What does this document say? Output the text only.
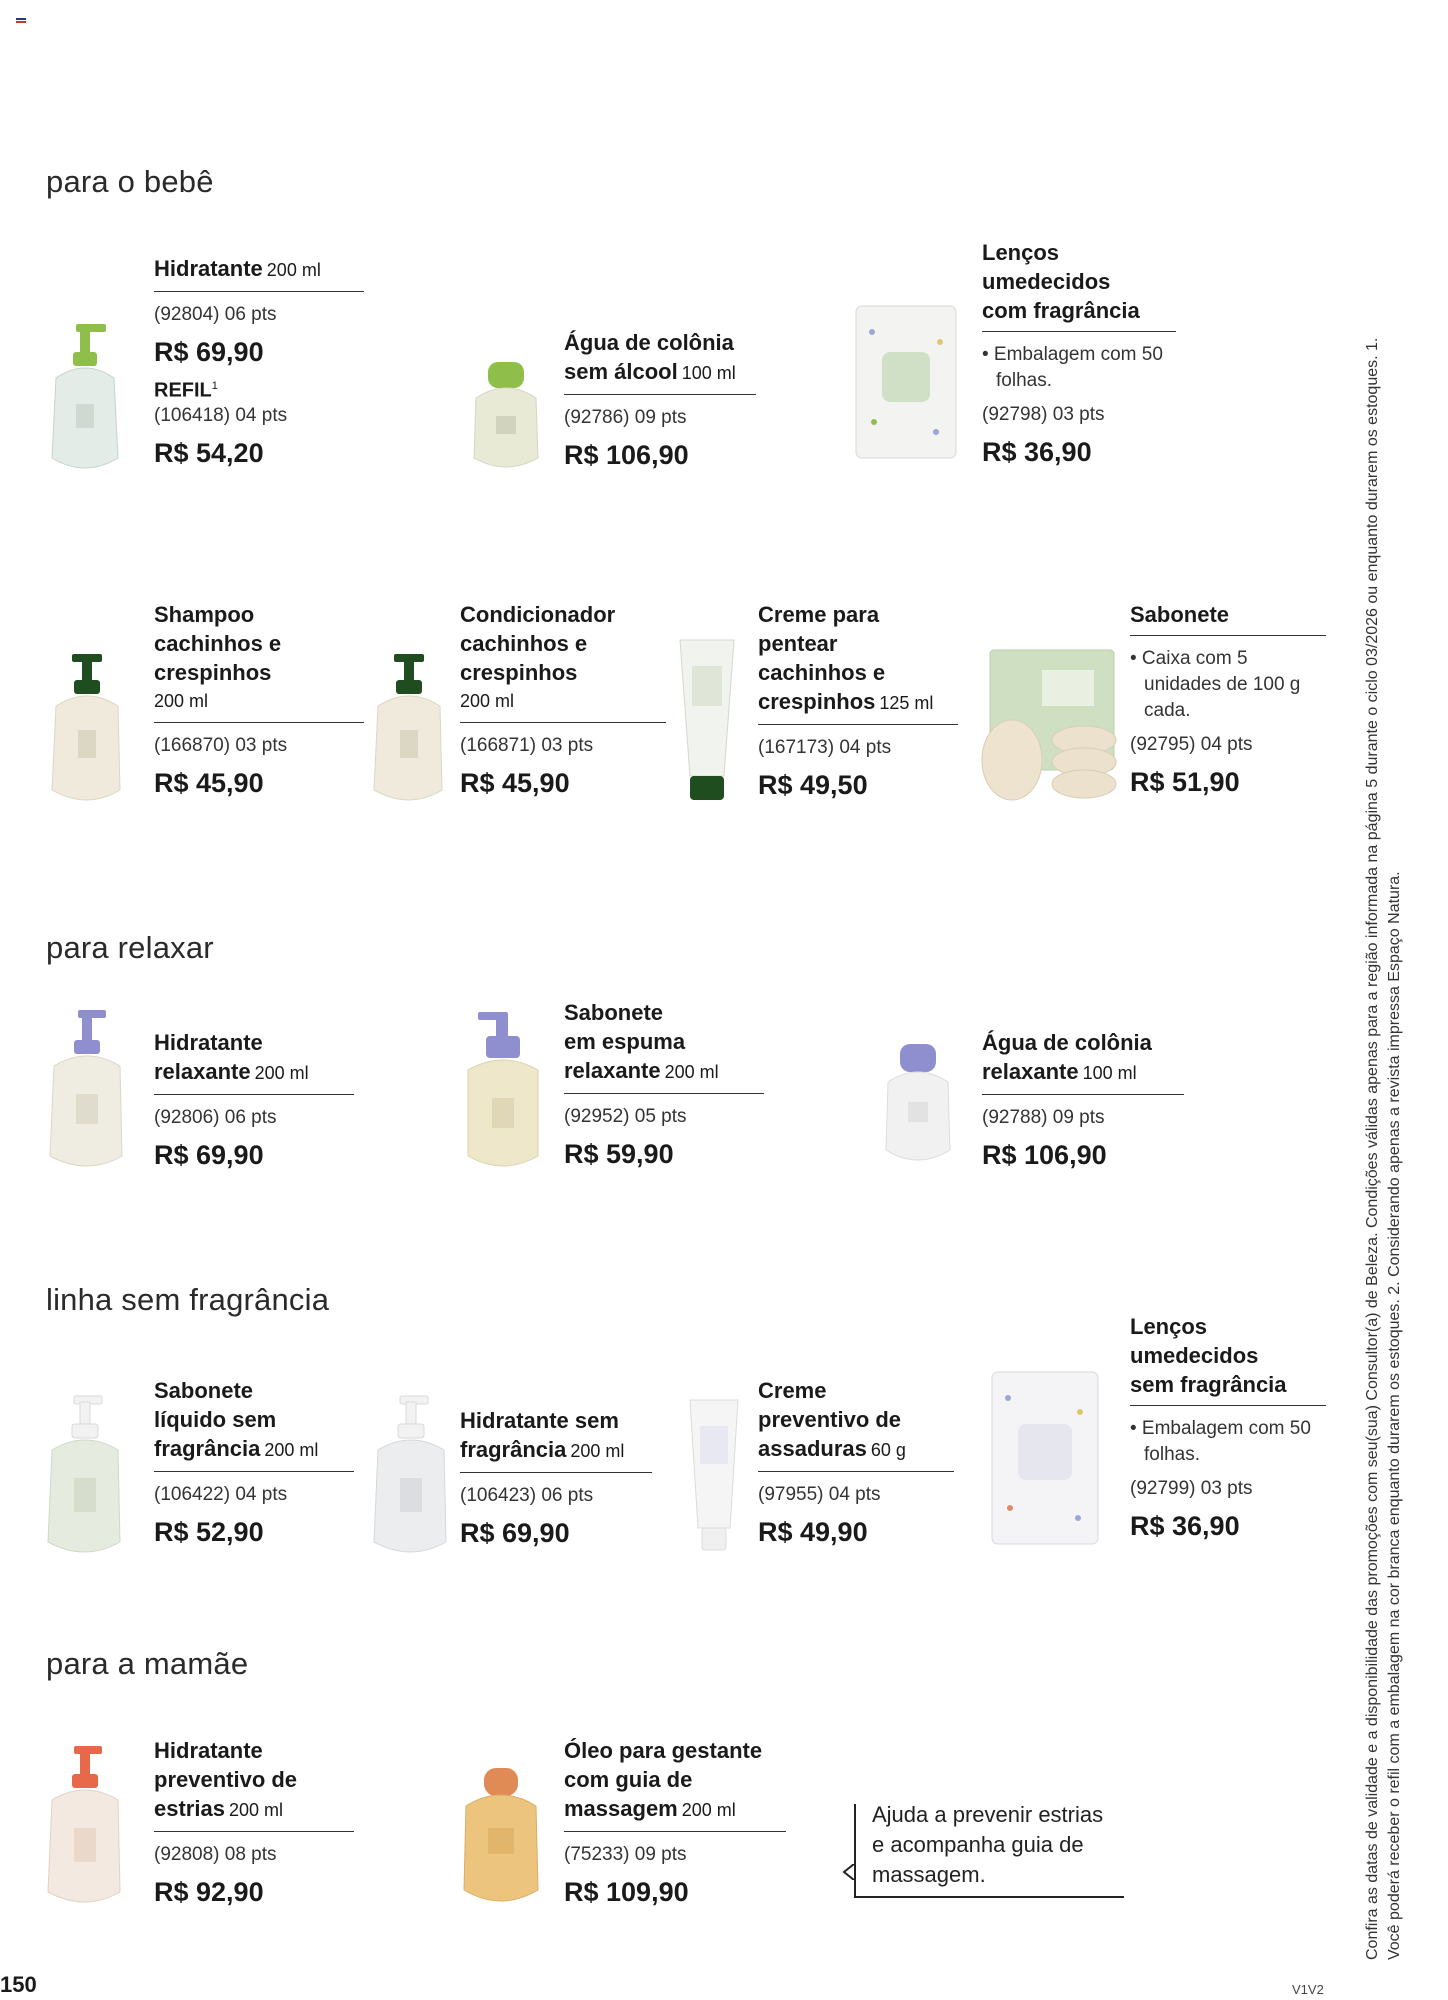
para o bebê
para relaxar
linha sem fragrância
para a mamãe
Hidratante 200 ml
(92804) 06 pts
R$ 69,90
REFIL$^1$
(106418) 04 pts
R$ 54,20
Água de colônia
sem álcool 100 ml
(92786) 09 pts
R$ 106,90
Lenços
umedecidos
com fragrância
• Embalagem com 50 folhas.
(92798) 03 pts
R$ 36,90
Shampoo
cachinhos e
crespinhos
200 ml
(166870) 03 pts
R$ 45,90
Condicionador
cachinhos e
crespinhos
200 ml
(166871) 03 pts
R$ 45,90
Creme para
pentear
cachinhos e
crespinhos 125 ml
(167173) 04 pts
R$ 49,50
Sabonete
• Caixa com 5 unidades de 100 g cada.
(92795) 04 pts
R$ 51,90
Hidratante
relaxante 200 ml
(92806) 06 pts
R$ 69,90
Sabonete
em espuma
relaxante 200 ml
(92952) 05 pts
R$ 59,90
Água de colônia
relaxante 100 ml
(92788) 09 pts
R$ 106,90
Sabonete
líquido sem
fragrância 200 ml
(106422) 04 pts
R$ 52,90
Hidratante sem
fragrância 200 ml
(106423) 06 pts
R$ 69,90
Creme
preventivo de
assaduras 60 g
(97955) 04 pts
R$ 49,90
Lenços
umedecidos
sem fragrância
• Embalagem com 50 folhas.
(92799) 03 pts
R$ 36,90
Hidratante
preventivo de
estrias 200 ml
(92808) 08 pts
R$ 92,90
Óleo para gestante
com guia de
massagem 200 ml
(75233) 09 pts
R$ 109,90
Ajuda a prevenir estrias e acompanha guia de massagem.	Confira as datas de validade e a disponibilidade das promoções com seu(sua) Consultor(a) de Beleza. Condições válidas apenas para a região informada na página 5 durante o ciclo 03/2026 ou enquanto durarem os estoques. 1. Você poderá receber o refil com a embalagem na cor branca enquanto durarem os estoques. 2. Considerando apenas a revista impressa Espaço Natura.
150	V1V2
